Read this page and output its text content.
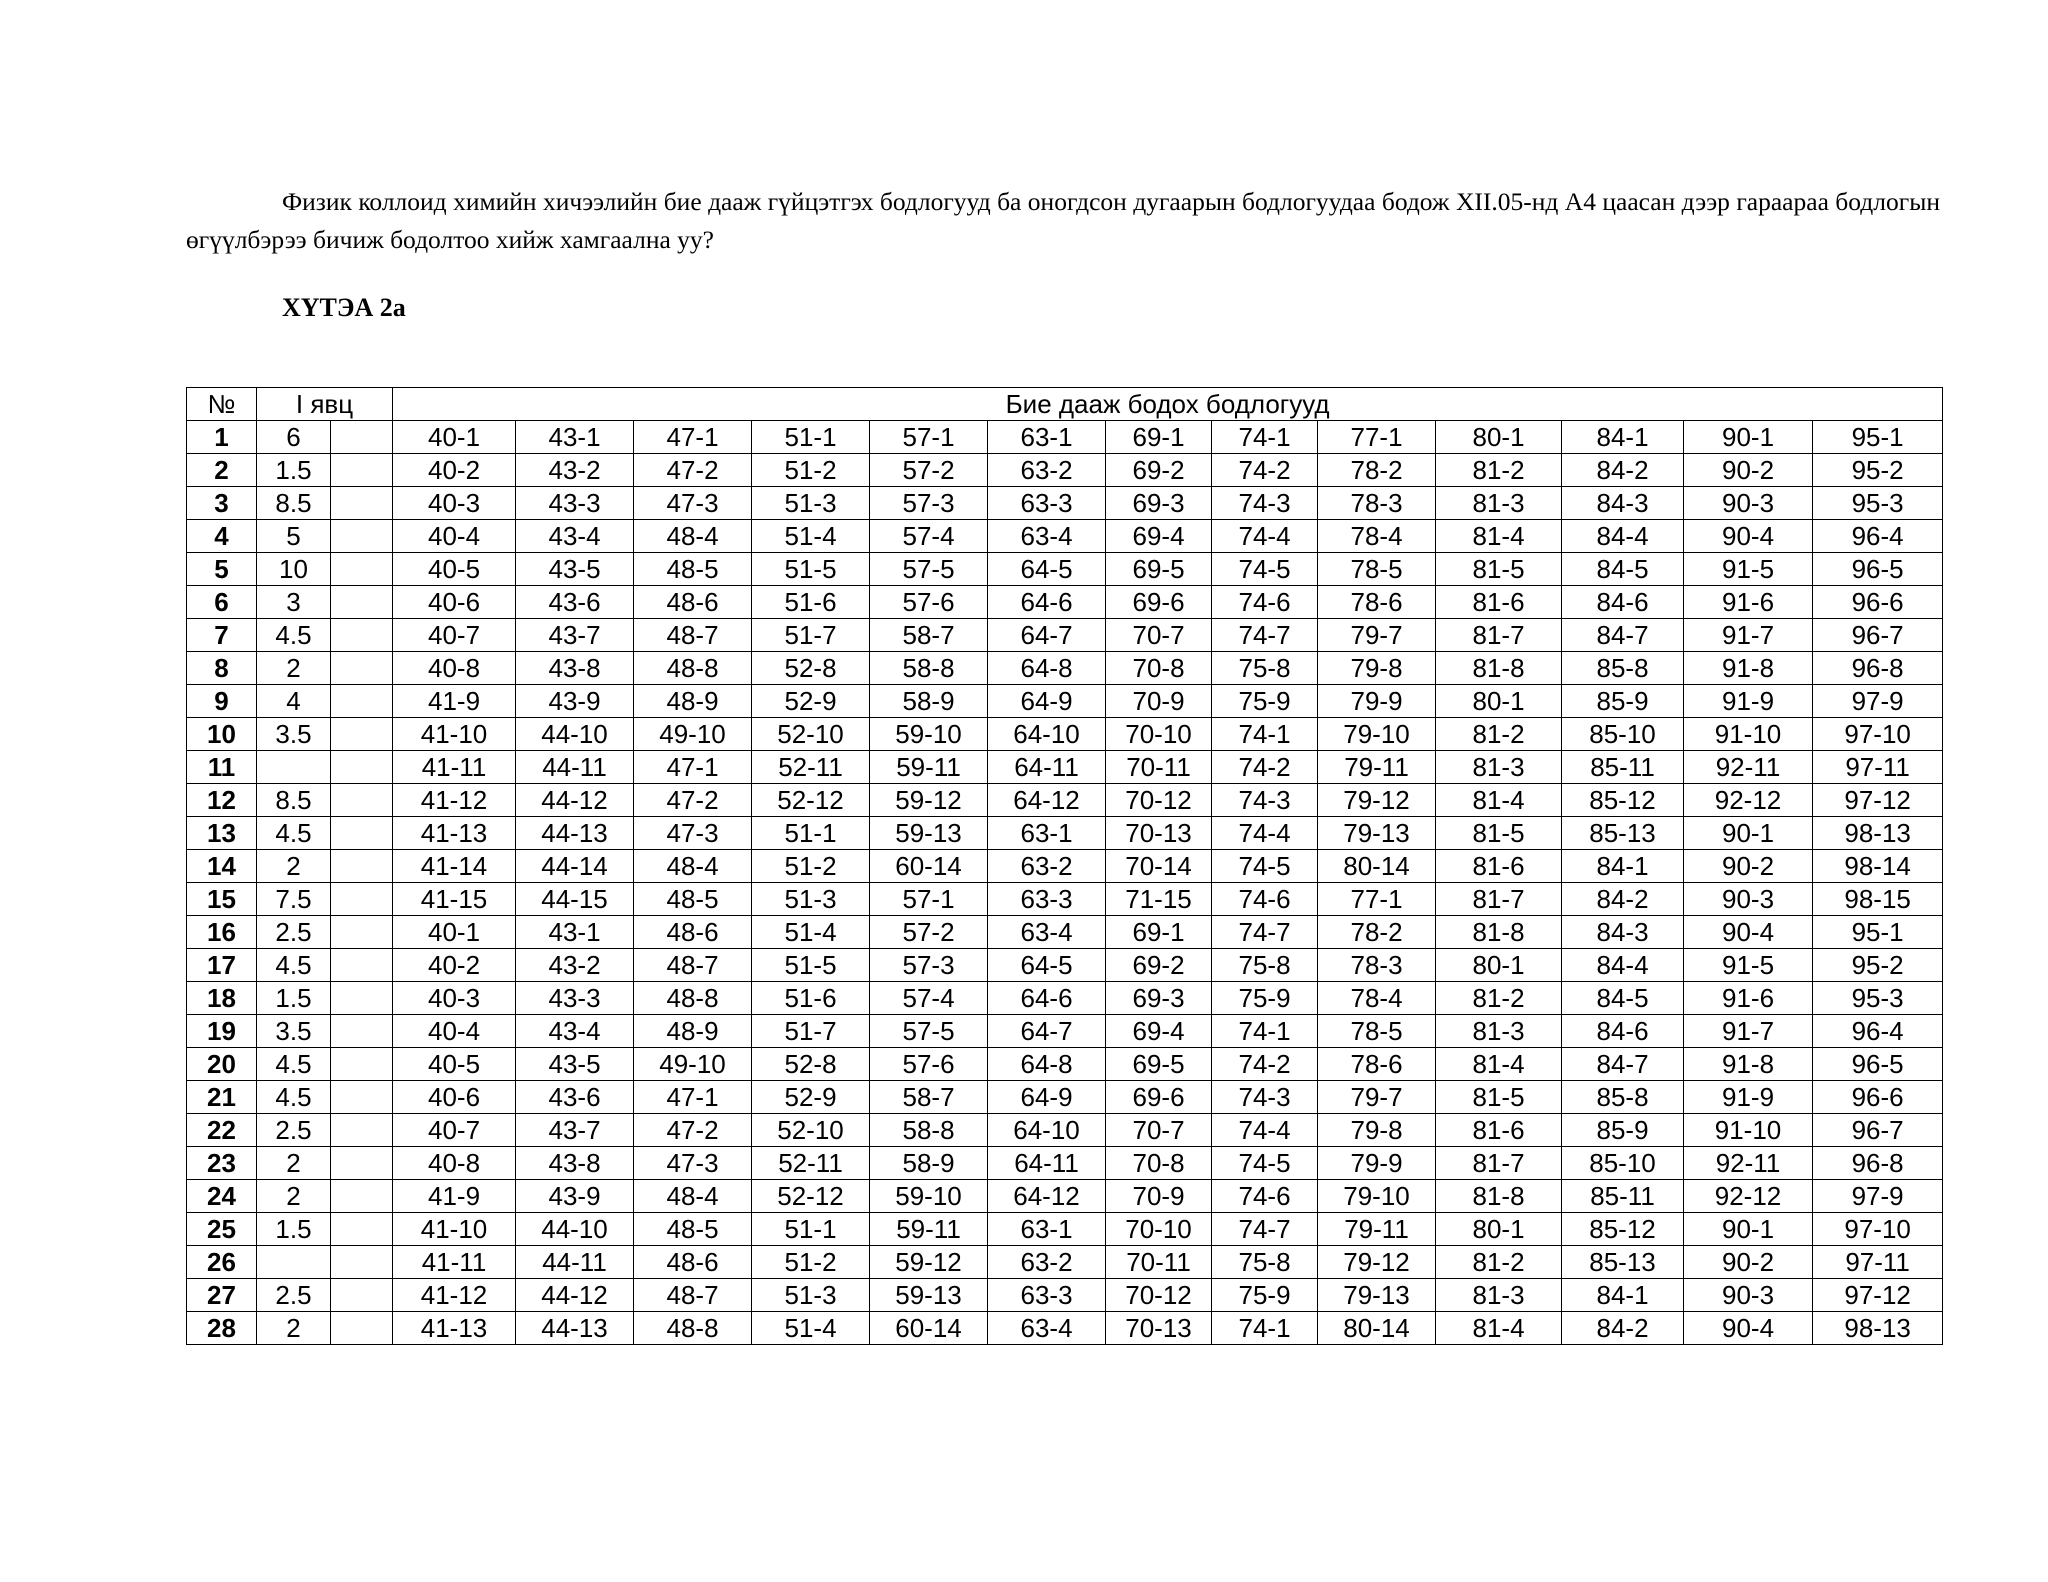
Физик коллоид химийн хичээлийн бие дааж гүйцэтгэх бодлогууд ба оногдсон дугаарын бодлогуудаа бодож XII.05-нд А4 цаасан дээр гараараа бодлогын өгүүлбэрээ бичиж бодолтоо хийж хамгаална уу?
ХҮТЭА 2а
№	I явц		Бие дааж бодох бодлогууд												
1	6		40-1	43-1	47-1	51-1	57-1	63-1	69-1	74-1	77-1	80-1	84-1	90-1	95-1
2	1.5		40-2	43-2	47-2	51-2	57-2	63-2	69-2	74-2	78-2	81-2	84-2	90-2	95-2
3	8.5		40-3	43-3	47-3	51-3	57-3	63-3	69-3	74-3	78-3	81-3	84-3	90-3	95-3
4	5		40-4	43-4	48-4	51-4	57-4	63-4	69-4	74-4	78-4	81-4	84-4	90-4	96-4
5	10		40-5	43-5	48-5	51-5	57-5	64-5	69-5	74-5	78-5	81-5	84-5	91-5	96-5
6	3		40-6	43-6	48-6	51-6	57-6	64-6	69-6	74-6	78-6	81-6	84-6	91-6	96-6
7	4.5		40-7	43-7	48-7	51-7	58-7	64-7	70-7	74-7	79-7	81-7	84-7	91-7	96-7
8	2		40-8	43-8	48-8	52-8	58-8	64-8	70-8	75-8	79-8	81-8	85-8	91-8	96-8
9	4		41-9	43-9	48-9	52-9	58-9	64-9	70-9	75-9	79-9	80-1	85-9	91-9	97-9
10	3.5		41-10	44-10	49-10	52-10	59-10	64-10	70-10	74-1	79-10	81-2	85-10	91-10	97-10
11			41-11	44-11	47-1	52-11	59-11	64-11	70-11	74-2	79-11	81-3	85-11	92-11	97-11
12	8.5		41-12	44-12	47-2	52-12	59-12	64-12	70-12	74-3	79-12	81-4	85-12	92-12	97-12
13	4.5		41-13	44-13	47-3	51-1	59-13	63-1	70-13	74-4	79-13	81-5	85-13	90-1	98-13
14	2		41-14	44-14	48-4	51-2	60-14	63-2	70-14	74-5	80-14	81-6	84-1	90-2	98-14
15	7.5		41-15	44-15	48-5	51-3	57-1	63-3	71-15	74-6	77-1	81-7	84-2	90-3	98-15
16	2.5		40-1	43-1	48-6	51-4	57-2	63-4	69-1	74-7	78-2	81-8	84-3	90-4	95-1
17	4.5		40-2	43-2	48-7	51-5	57-3	64-5	69-2	75-8	78-3	80-1	84-4	91-5	95-2
18	1.5		40-3	43-3	48-8	51-6	57-4	64-6	69-3	75-9	78-4	81-2	84-5	91-6	95-3
19	3.5		40-4	43-4	48-9	51-7	57-5	64-7	69-4	74-1	78-5	81-3	84-6	91-7	96-4
20	4.5		40-5	43-5	49-10	52-8	57-6	64-8	69-5	74-2	78-6	81-4	84-7	91-8	96-5
21	4.5		40-6	43-6	47-1	52-9	58-7	64-9	69-6	74-3	79-7	81-5	85-8	91-9	96-6
22	2.5		40-7	43-7	47-2	52-10	58-8	64-10	70-7	74-4	79-8	81-6	85-9	91-10	96-7
23	2		40-8	43-8	47-3	52-11	58-9	64-11	70-8	74-5	79-9	81-7	85-10	92-11	96-8
24	2		41-9	43-9	48-4	52-12	59-10	64-12	70-9	74-6	79-10	81-8	85-11	92-12	97-9
25	1.5		41-10	44-10	48-5	51-1	59-11	63-1	70-10	74-7	79-11	80-1	85-12	90-1	97-10
26			41-11	44-11	48-6	51-2	59-12	63-2	70-11	75-8	79-12	81-2	85-13	90-2	97-11
27	2.5		41-12	44-12	48-7	51-3	59-13	63-3	70-12	75-9	79-13	81-3	84-1	90-3	97-12
28	2		41-13	44-13	48-8	51-4	60-14	63-4	70-13	74-1	80-14	81-4	84-2	90-4	98-13
